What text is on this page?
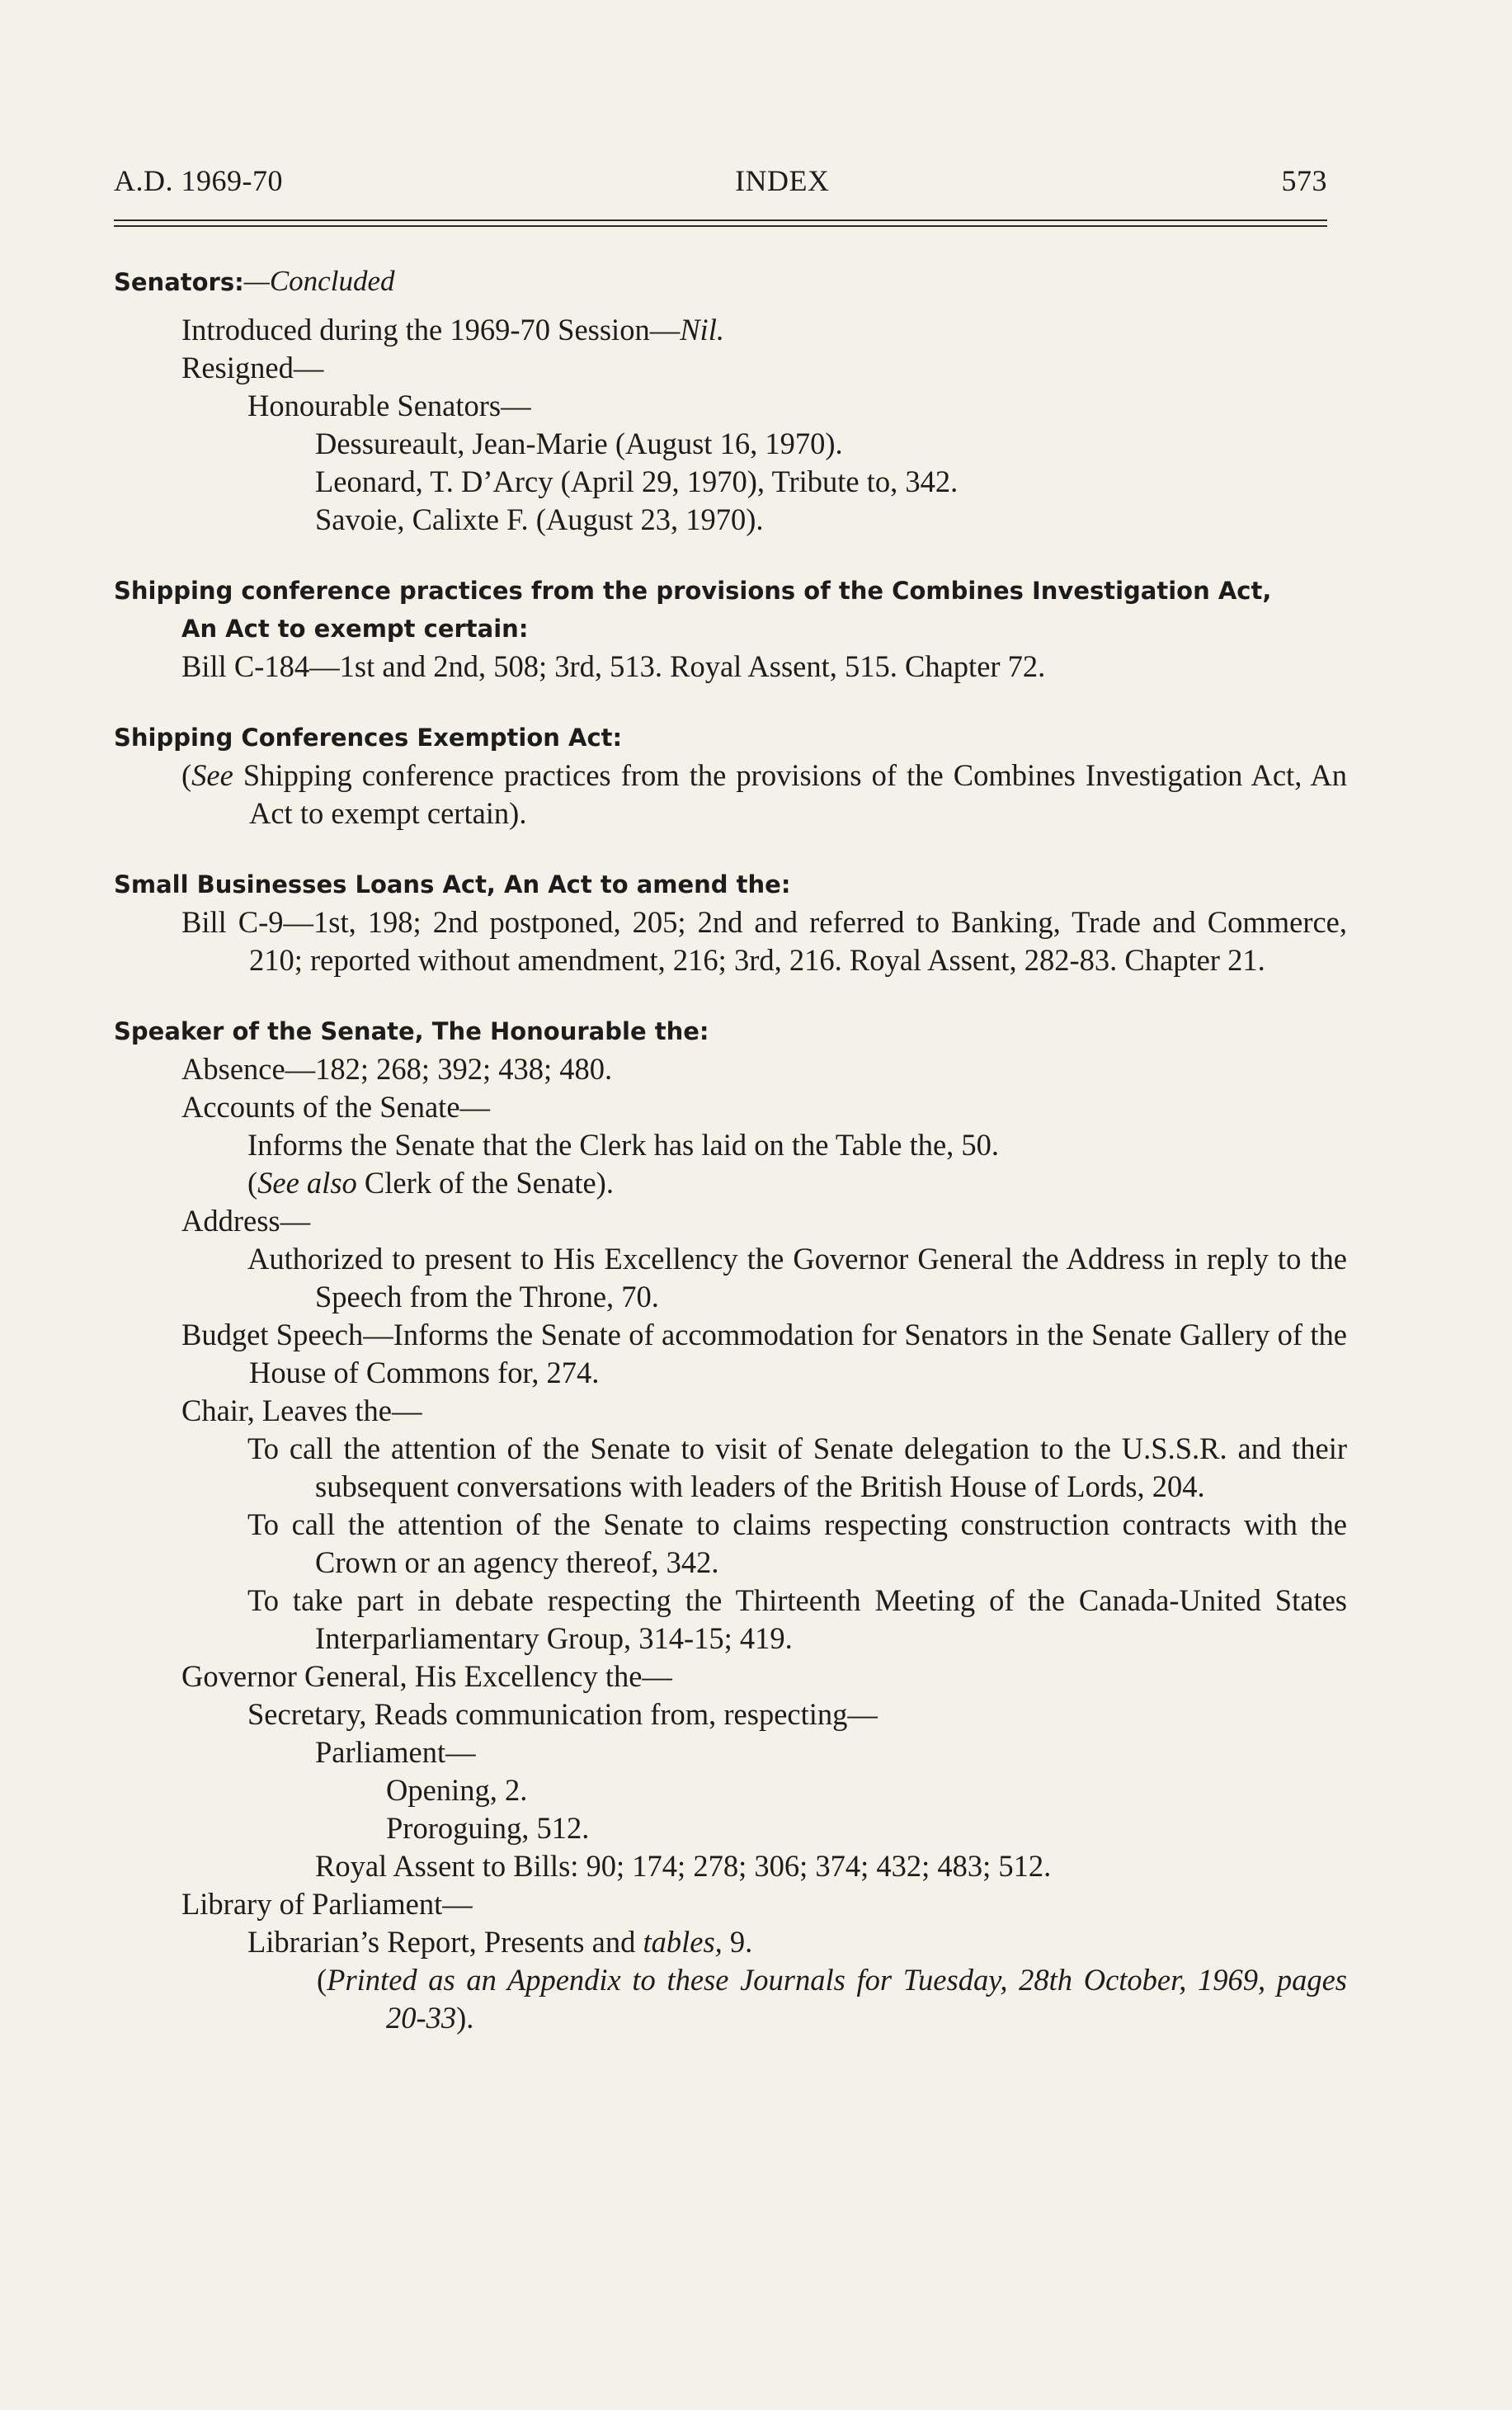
A.D. 1969-70	INDEX	573
Senators:—Concluded
Introduced during the 1969-70 Session—Nil.
Resigned—
Honourable Senators—
Dessureault, Jean-Marie (August 16, 1970).
Leonard, T. D’Arcy (April 29, 1970), Tribute to, 342.
Savoie, Calixte F. (August 23, 1970).
Shipping conference practices from the provisions of the Combines Investigation Act,
An Act to exempt certain:
Bill C-184—1st and 2nd, 508; 3rd, 513. Royal Assent, 515. Chapter 72.
Shipping Conferences Exemption Act:
(See Shipping conference practices from the provisions of the Combines Investigation Act, An Act to exempt certain).
Small Businesses Loans Act, An Act to amend the:
Bill C-9—1st, 198; 2nd postponed, 205; 2nd and referred to Banking, Trade and Commerce, 210; reported without amendment, 216; 3rd, 216. Royal Assent, 282-83. Chapter 21.
Speaker of the Senate, The Honourable the:
Absence—182; 268; 392; 438; 480.
Accounts of the Senate—
Informs the Senate that the Clerk has laid on the Table the, 50.
(See also Clerk of the Senate).
Address—
Authorized to present to His Excellency the Governor General the Address in reply to the Speech from the Throne, 70.
Budget Speech—Informs the Senate of accommodation for Senators in the Senate Gallery of the House of Commons for, 274.
Chair, Leaves the—
To call the attention of the Senate to visit of Senate delegation to the U.S.S.R. and their subsequent conversations with leaders of the British House of Lords, 204.
To call the attention of the Senate to claims respecting construction contracts with the Crown or an agency thereof, 342.
To take part in debate respecting the Thirteenth Meeting of the Canada-United States Interparliamentary Group, 314-15; 419.
Governor General, His Excellency the—
Secretary, Reads communication from, respecting—
Parliament—
Opening, 2.
Proroguing, 512.
Royal Assent to Bills: 90; 174; 278; 306; 374; 432; 483; 512.
Library of Parliament—
Librarian’s Report, Presents and tables, 9.
(Printed as an Appendix to these Journals for Tuesday, 28th October, 1969, pages 20-33).
